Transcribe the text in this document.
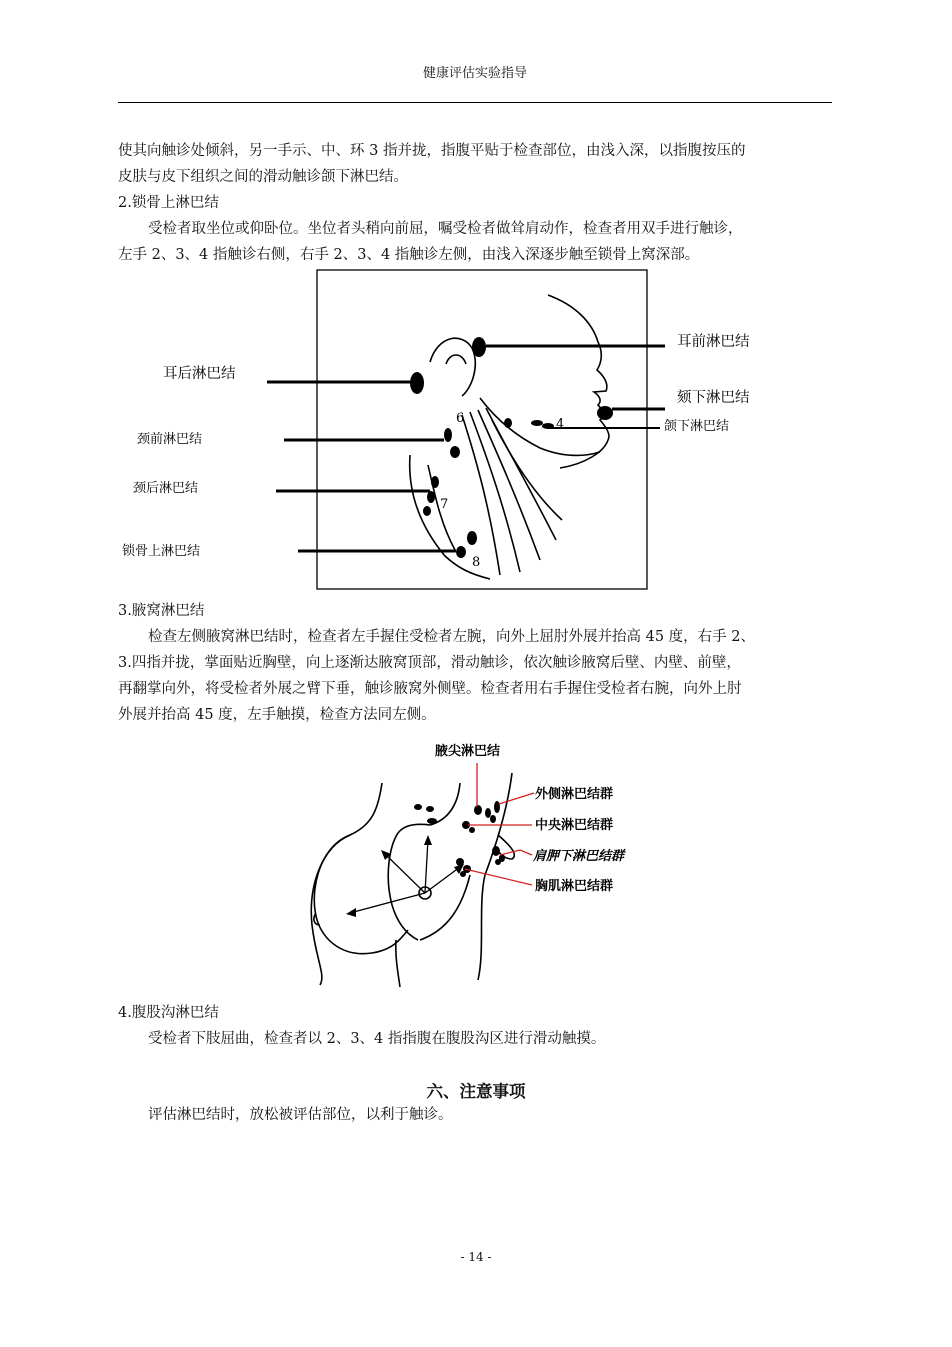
健康评估实验指导
使其向触诊处倾斜，另一手示、中、环 3 指并拢，指腹平贴于检查部位，由浅入深，以指腹按压的
皮肤与皮下组织之间的滑动触诊颌下淋巴结。
2.锁骨上淋巴结
受检者取坐位或仰卧位。坐位者头稍向前屈，嘱受检者做耸肩动作，检查者用双手进行触诊，
左手 2、3、4 指触诊右侧，右手 2、3、4 指触诊左侧，由浅入深逐步触至锁骨上窝深部。
6	4
7
8
耳前淋巴结
耳后淋巴结
颏下淋巴结
颌下淋巴结
颈前淋巴结
颈后淋巴结
锁骨上淋巴结
3.腋窝淋巴结
检查左侧腋窝淋巴结时，检查者左手握住受检者左腕，向外上屈肘外展并抬高 45 度，右手 2、
3.四指并拢，掌面贴近胸壁，向上逐渐达腋窝顶部，滑动触诊，依次触诊腋窝后壁、内壁、前壁，
再翻掌向外，将受检者外展之臂下垂，触诊腋窝外侧壁。检查者用右手握住受检者右腕，向外上肘
外展并抬高 45 度，左手触摸，检查方法同左侧。
腋尖淋巴结
外侧淋巴结群
中央淋巴结群
肩胛下淋巴结群
胸肌淋巴结群
4.腹股沟淋巴结
受检者下肢屈曲，检查者以 2、3、4 指指腹在腹股沟区进行滑动触摸。
六、注意事项
评估淋巴结时，放松被评估部位，以利于触诊。
- 14 -
